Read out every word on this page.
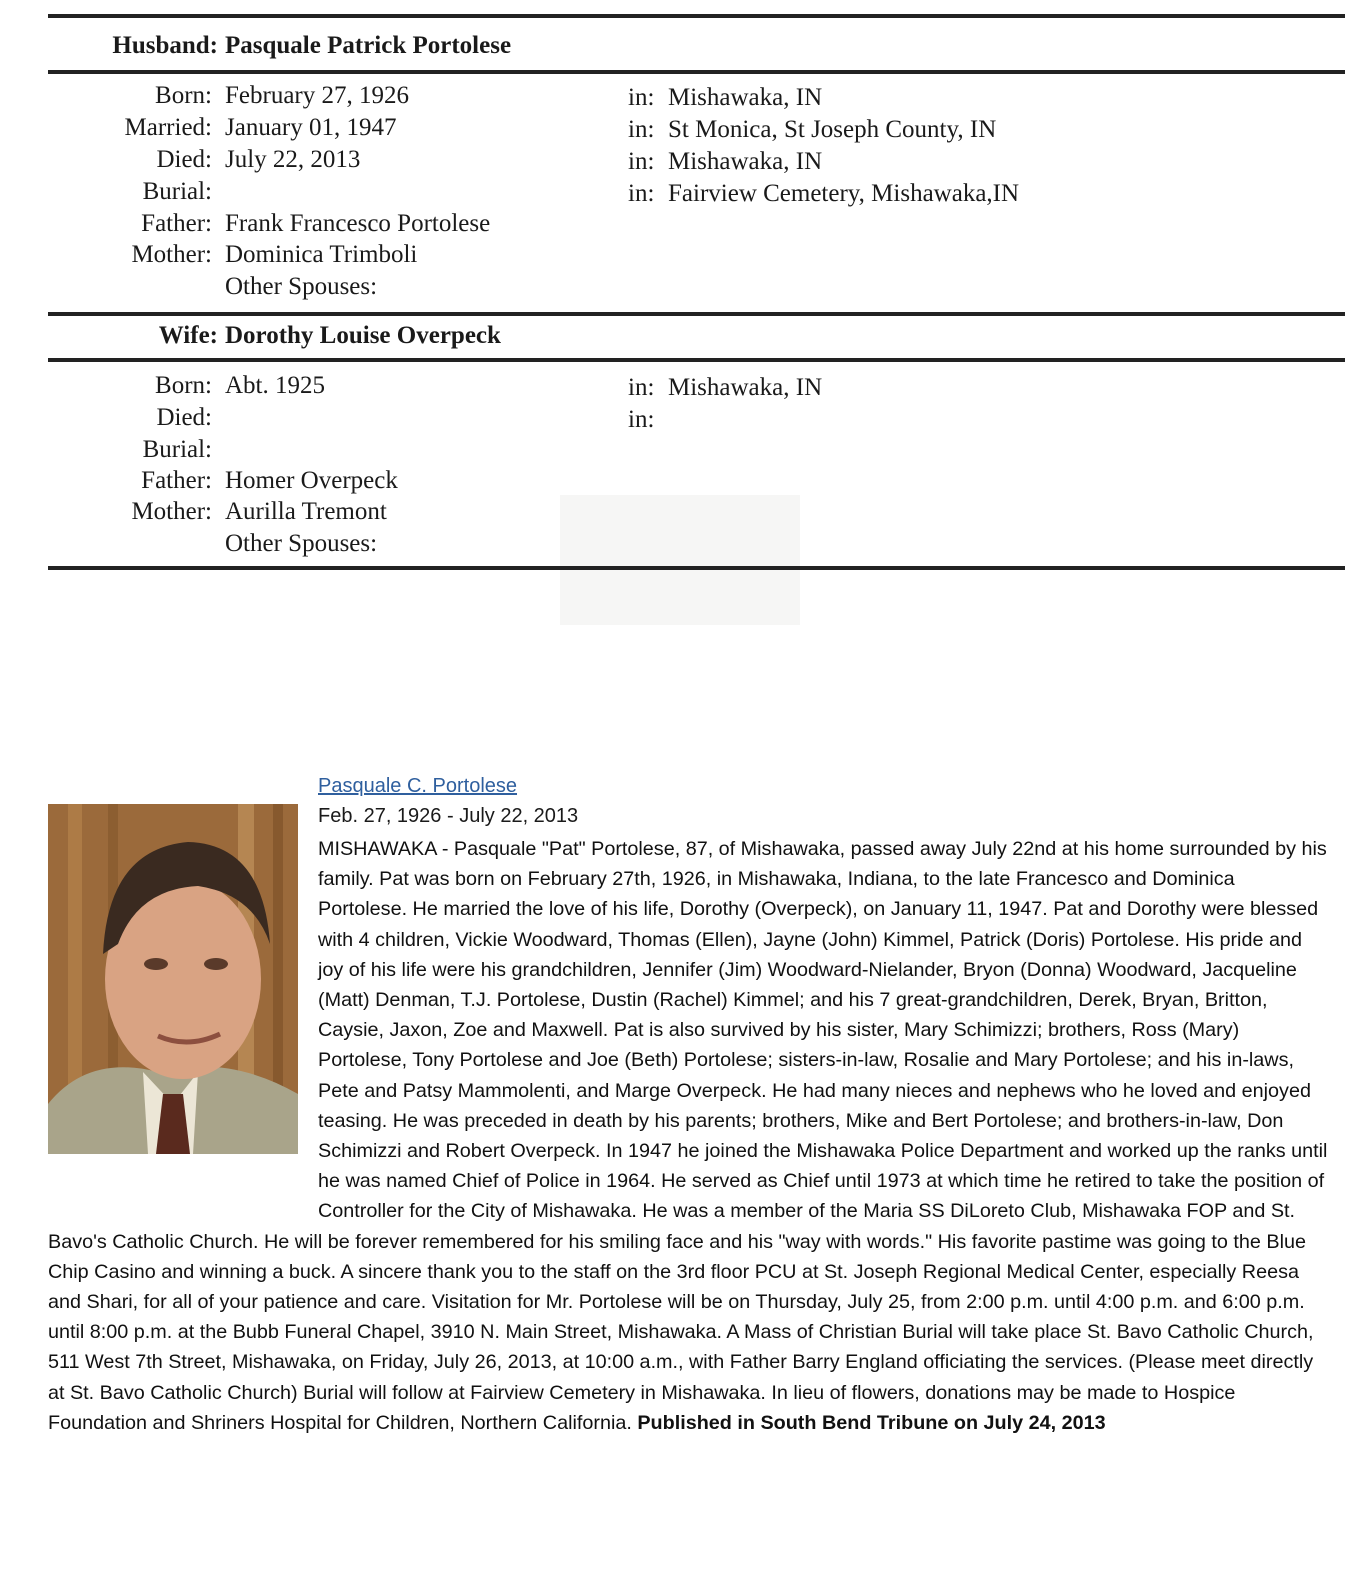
Husband: Pasquale Patrick Portolese
Born: February 27, 1926	in: Mishawaka, IN
Married: January 01, 1947	in: St Monica, St Joseph County, IN
Died: July 22, 2013	in: Mishawaka, IN
Burial:	in: Fairview Cemetery, Mishawaka,IN
Father: Frank Francesco Portolese
Mother: Dominica Trimboli
Other Spouses:
Wife: Dorothy Louise Overpeck
Born: Abt. 1925	in: Mishawaka, IN
Died:	in:
Burial:
Father: Homer Overpeck
Mother: Aurilla Tremont
Other Spouses:
Pasquale C. Portolese
Feb. 27, 1926 - July 22, 2013

MISHAWAKA - Pasquale "Pat" Portolese, 87, of Mishawaka, passed away July 22nd at his home surrounded by his family. Pat was born on February 27th, 1926, in Mishawaka, Indiana, to the late Francesco and Dominica Portolese. He married the love of his life, Dorothy (Overpeck), on January 11, 1947. Pat and Dorothy were blessed with 4 children, Vickie Woodward, Thomas (Ellen), Jayne (John) Kimmel, Patrick (Doris) Portolese. His pride and joy of his life were his grandchildren, Jennifer (Jim) Woodward-Nielander, Bryon (Donna) Woodward, Jacqueline (Matt) Denman, T.J. Portolese, Dustin (Rachel) Kimmel; and his 7 great-grandchildren, Derek, Bryan, Britton, Caysie, Jaxon, Zoe and Maxwell. Pat is also survived by his sister, Mary Schimizzi; brothers, Ross (Mary) Portolese, Tony Portolese and Joe (Beth) Portolese; sisters-in-law, Rosalie and Mary Portolese; and his in-laws, Pete and Patsy Mammolenti, and Marge Overpeck. He had many nieces and nephews who he loved and enjoyed teasing. He was preceded in death by his parents; brothers, Mike and Bert Portolese; and brothers-in-law, Don Schimizzi and Robert Overpeck. In 1947 he joined the Mishawaka Police Department and worked up the ranks until he was named Chief of Police in 1964. He served as Chief until 1973 at which time he retired to take the position of Controller for the City of Mishawaka. He was a member of the Maria SS DiLoreto Club, Mishawaka FOP and St. Bavo's Catholic Church. He will be forever remembered for his smiling face and his "way with words." His favorite pastime was going to the Blue Chip Casino and winning a buck. A sincere thank you to the staff on the 3rd floor PCU at St. Joseph Regional Medical Center, especially Reesa and Shari, for all of your patience and care. Visitation for Mr. Portolese will be on Thursday, July 25, from 2:00 p.m. until 4:00 p.m. and 6:00 p.m. until 8:00 p.m. at the Bubb Funeral Chapel, 3910 N. Main Street, Mishawaka. A Mass of Christian Burial will take place St. Bavo Catholic Church, 511 West 7th Street, Mishawaka, on Friday, July 26, 2013, at 10:00 a.m., with Father Barry England officiating the services. (Please meet directly at St. Bavo Catholic Church) Burial will follow at Fairview Cemetery in Mishawaka. In lieu of flowers, donations may be made to Hospice Foundation and Shriners Hospital for Children, Northern California. Published in South Bend Tribune on July 24, 2013
